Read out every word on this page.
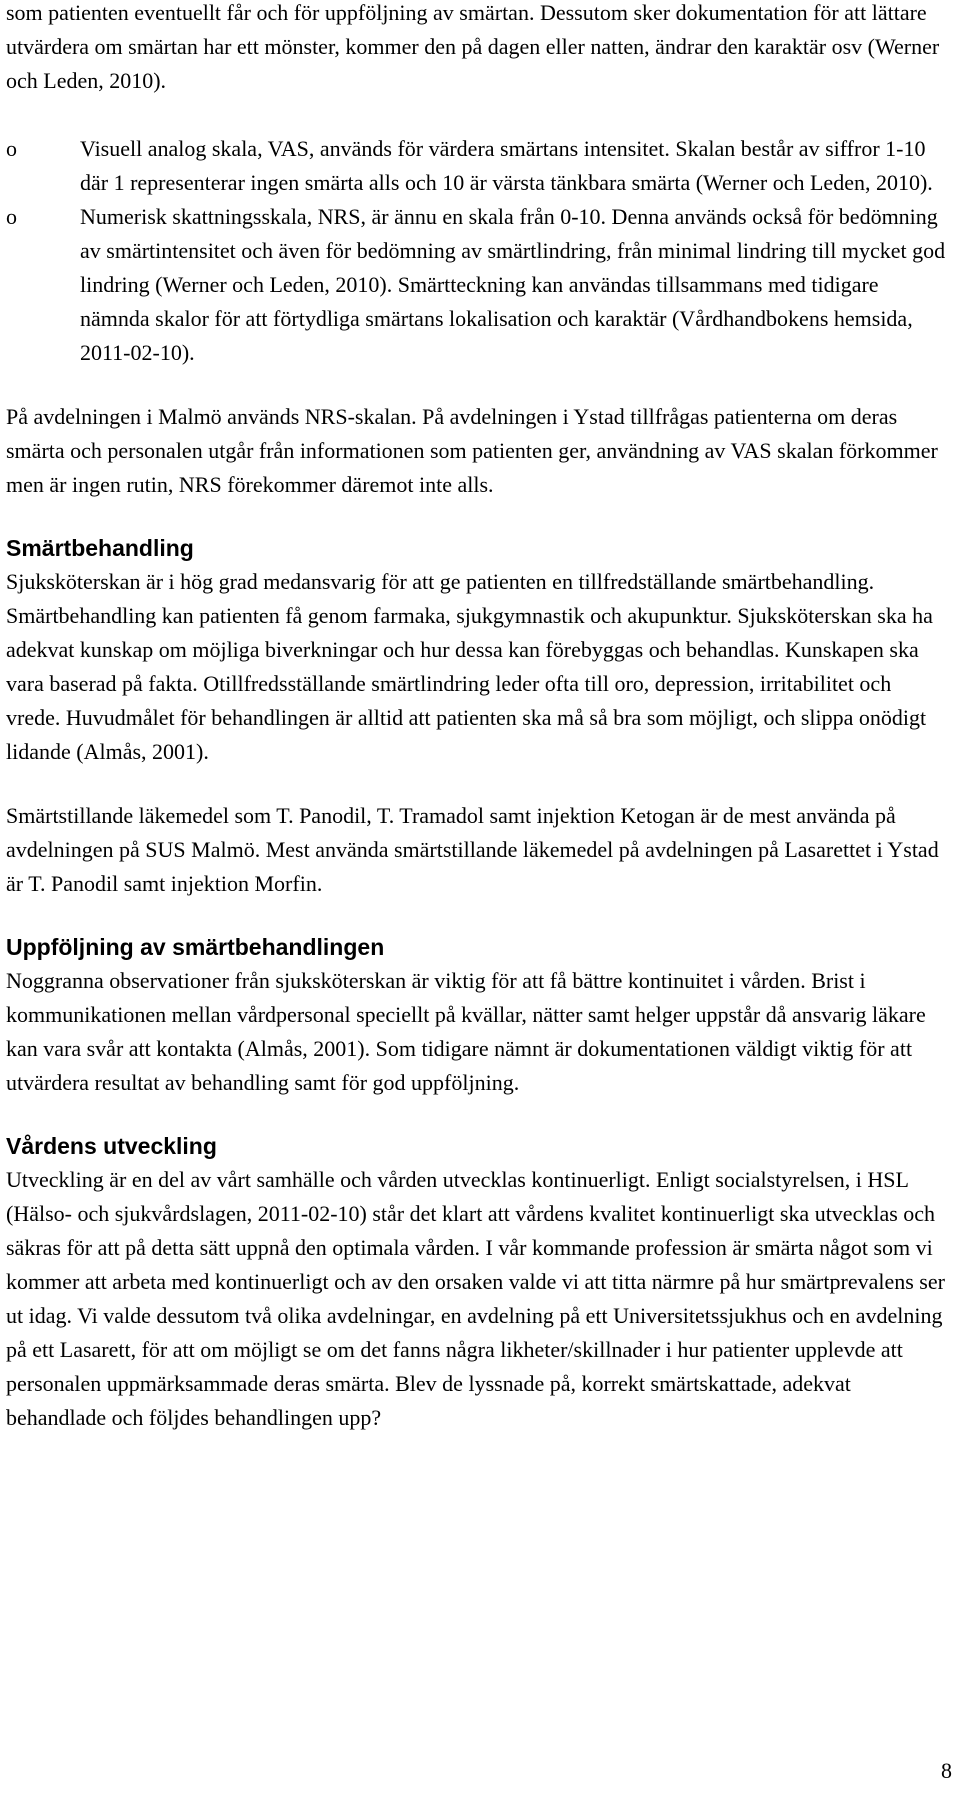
som patienten eventuellt får och för uppföljning av smärtan. Dessutom sker dokumentation för att lättare utvärdera om smärtan har ett mönster, kommer den på dagen eller natten, ändrar den karaktär osv (Werner och Leden, 2010).

o	Visuell analog skala, VAS, används för värdera smärtans intensitet. Skalan består av siffror 1-10 där 1 representerar ingen smärta alls och 10 är värsta tänkbara smärta (Werner och Leden, 2010).
o	Numerisk skattningsskala, NRS, är ännu en skala från 0-10. Denna används också för bedömning av smärtintensitet och även för bedömning av smärtlindring, från minimal lindring till mycket god lindring (Werner och Leden, 2010). Smärtteckning kan användas tillsammans med tidigare nämnda skalor för att förtydliga smärtans lokalisation och karaktär (Vårdhandbokens hemsida, 2011-02-10).

På avdelningen i Malmö används NRS-skalan. På avdelningen i Ystad tillfrågas patienterna om deras smärta och personalen utgår från informationen som patienten ger, användning av VAS skalan förkommer men är ingen rutin, NRS förekommer däremot inte alls.

Smärtbehandling

Sjuksköterskan är i hög grad medansvarig för att ge patienten en tillfredställande smärtbehandling. Smärtbehandling kan patienten få genom farmaka, sjukgymnastik och akupunktur. Sjuksköterskan ska ha adekvat kunskap om möjliga biverkningar och hur dessa kan förebyggas och behandlas. Kunskapen ska vara baserad på fakta. Otillfredsställande smärtlindring leder ofta till oro, depression, irritabilitet och vrede. Huvudmålet för behandlingen är alltid att patienten ska må så bra som möjligt, och slippa onödigt lidande (Almås, 2001).

Smärtstillande läkemedel som T. Panodil, T. Tramadol samt injektion Ketogan är de mest använda på avdelningen på SUS Malmö. Mest använda smärtstillande läkemedel på avdelningen på Lasarettet i Ystad är T. Panodil samt injektion Morfin.

Uppföljning av smärtbehandlingen

Noggranna observationer från sjuksköterskan är viktig för att få bättre kontinuitet i vården. Brist i kommunikationen mellan vårdpersonal speciellt på kvällar, nätter samt helger uppstår då ansvarig läkare kan vara svår att kontakta (Almås, 2001). Som tidigare nämnt är dokumentationen väldigt viktig för att utvärdera resultat av behandling samt för god uppföljning.

Vårdens utveckling

Utveckling är en del av vårt samhälle och vården utvecklas kontinuerligt. Enligt socialstyrelsen, i HSL (Hälso- och sjukvårdslagen, 2011-02-10) står det klart att vårdens kvalitet kontinuerligt ska utvecklas och säkras för att på detta sätt uppnå den optimala vården. I vår kommande profession är smärta något som vi kommer att arbeta med kontinuerligt och av den orsaken valde vi att titta närmre på hur smärtprevalens ser ut idag. Vi valde dessutom två olika avdelningar, en avdelning på ett Universitetssjukhus och en avdelning på ett Lasarett, för att om möjligt se om det fanns några likheter/skillnader i hur patienter upplevde att personalen uppmärksammade deras smärta. Blev de lyssnade på, korrekt smärtskattade, adekvat behandlade och följdes behandlingen upp?

8
